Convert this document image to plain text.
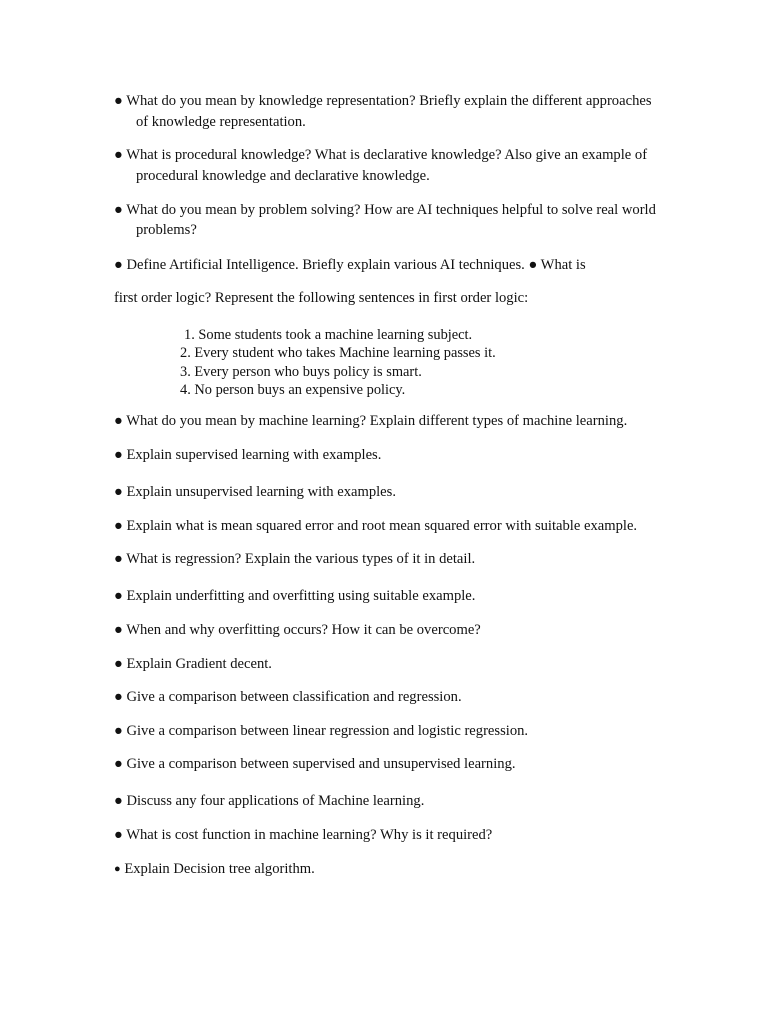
● What do you mean by knowledge representation? Briefly explain the different approaches

of knowledge representation.

● What is procedural knowledge? What is declarative knowledge? Also give an example of

procedural knowledge and declarative knowledge.

● What do you mean by problem solving? How are AI techniques helpful to solve real world

problems?

● Define Artificial Intelligence. Briefly explain various AI techniques. ● What is

first order logic? Represent the following sentences in first order logic:

1. Some students took a machine learning subject.

2. Every student who takes Machine learning passes it.

3. Every person who buys policy is smart.

4. No person buys an expensive policy.

● What do you mean by machine learning? Explain different types of machine learning.

● Explain supervised learning with examples.

● Explain unsupervised learning with examples.

● Explain what is mean squared error and root mean squared error with suitable example.

● What is regression? Explain the various types of it in detail.

● Explain underfitting and overfitting using suitable example.

● When and why overfitting occurs? How it can be overcome?

● Explain Gradient decent.

● Give a comparison between classification and regression.

● Give a comparison between linear regression and logistic regression.

● Give a comparison between supervised and unsupervised learning.

● Discuss any four applications of Machine learning.

● What is cost function in machine learning? Why is it required?

● Explain Decision tree algorithm.
